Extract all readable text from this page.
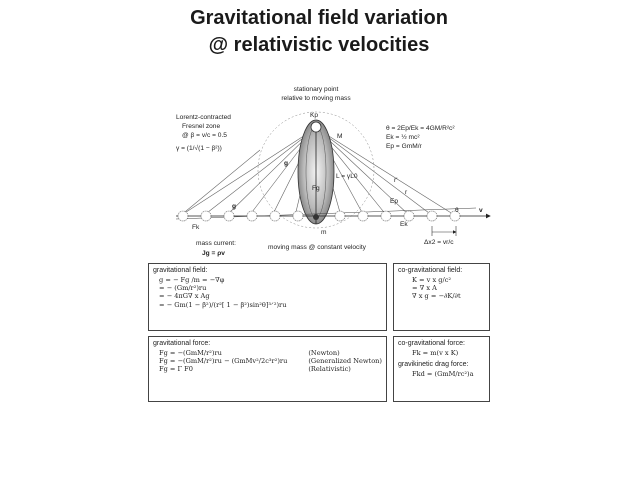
Gravitational field variation
@ relativistic velocities
stationary point
relative to moving mass
Kp
M
Fg
g
g
L = γL0
r'
r
Ep
Ek
θ	v
Fk
m
Lorentz-contracted
Fresnel zone
@ β = v/c = 0.5
γ = (1/√(1 − β²))
mass current:
Jg = ρv
moving mass @ constant velocity
Δx2 = vr/c
θ = 2Ep/Ek = 4GM/R²c²
Ek = ½ mc²
Ep = GmM/r
gravitational field:
g = − Fg /m = −∇φ
= − (Gm/r²)ru
= − 4πG∇ x Ag
= − Gm(1 − β²)/(r²[ 1 − β²)sin²θ]³ᐟ²)ru
co-gravitational field:
K = v x g/c²
= ∇ x A
∇ x g = −∂K/∂t
gravitational force:
Fg = −(GmM/r²)ru
Fg = −(GmM/r²)ru − (GmMv²/2c³r²)ru
Fg = Γ F0
(Newton)
(Generalized Newton)
(Relativistic)
co-gravitational force:
Fk = m(v x K)
gravikinetic drag force:
Fkd = (GmM/rc²)a
